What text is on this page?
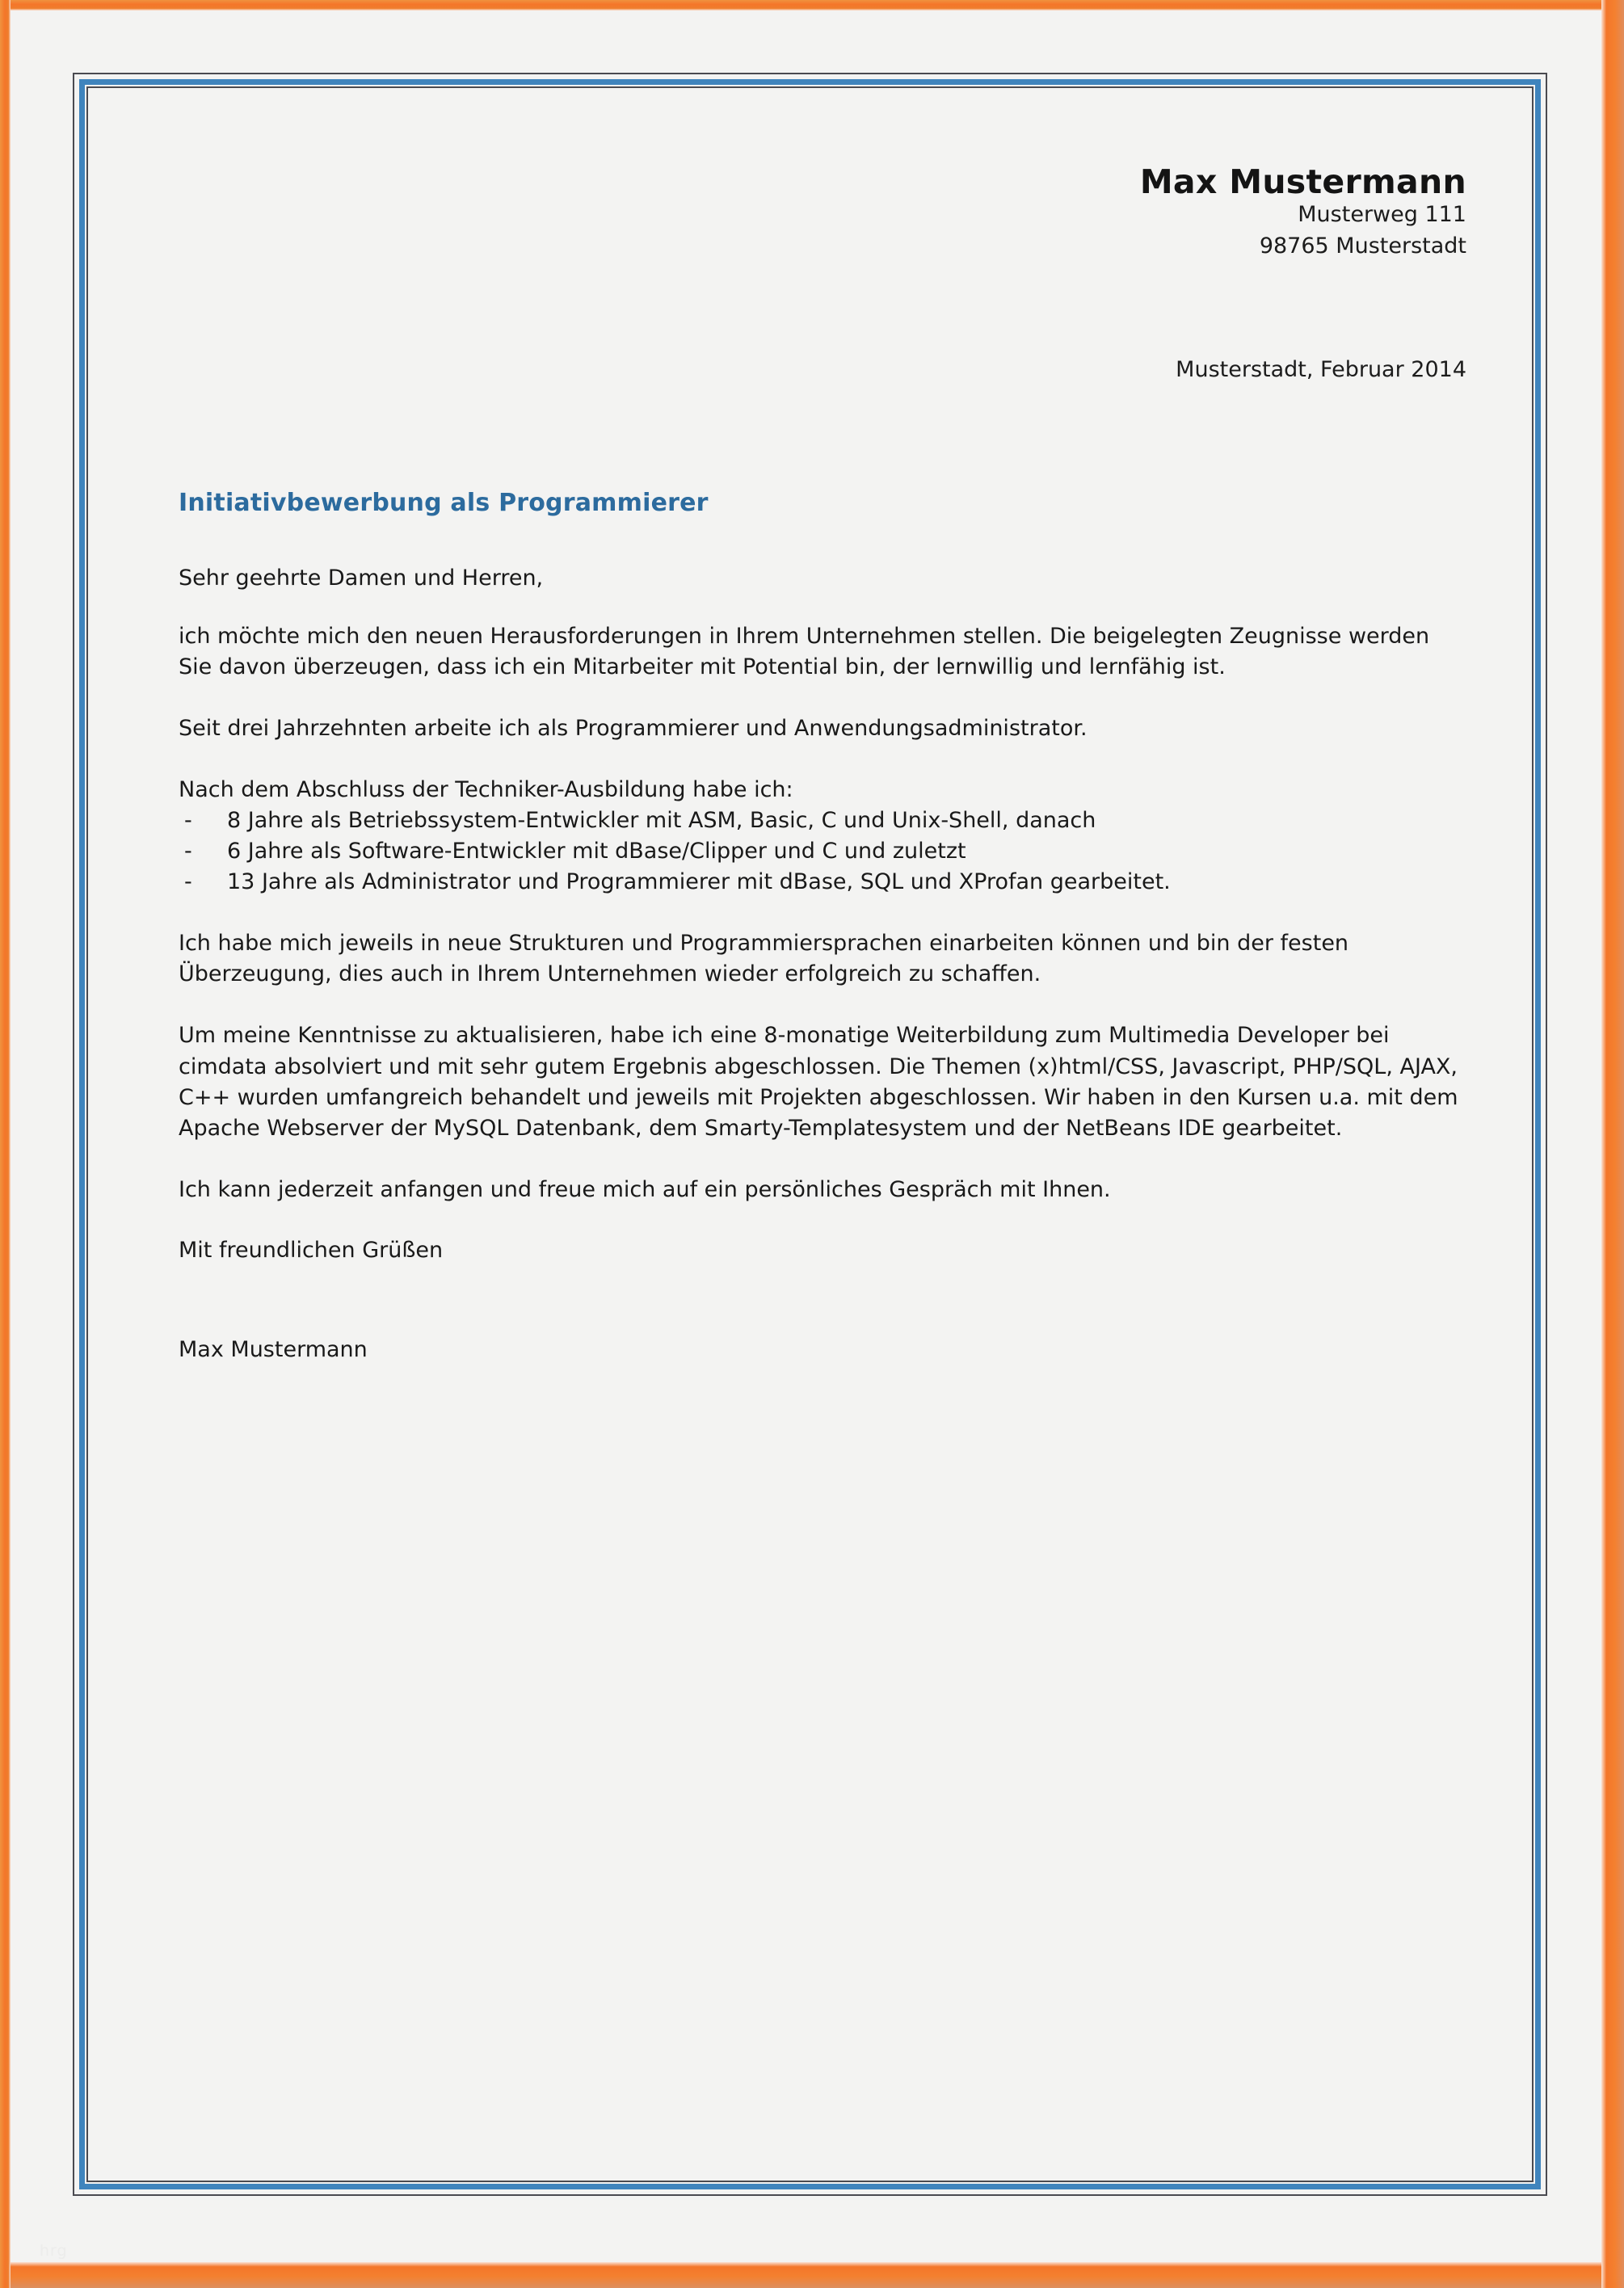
Max Mustermann
Musterweg 111
98765 Musterstadt
Musterstadt, Februar 2014
Initiativbewerbung als Programmierer
Sehr geehrte Damen und Herren,

ich möchte mich den neuen Herausforderungen in Ihrem Unternehmen stellen. Die beigelegten Zeugnisse werden Sie davon überzeugen, dass ich ein Mitarbeiter mit Potential bin, der lernwillig und lernfähig ist.

Seit drei Jahrzehnten arbeite ich als Programmierer und Anwendungsadministrator.

Nach dem Abschluss der Techniker-Ausbildung habe ich:

- 8 Jahre als Betriebssystem-Entwickler mit ASM, Basic, C und Unix-Shell, danach
- 6 Jahre als Software-Entwickler mit dBase/Clipper und C und zuletzt
- 13 Jahre als Administrator und Programmierer mit dBase, SQL und XProfan gearbeitet.

Ich habe mich jeweils in neue Strukturen und Programmiersprachen einarbeiten können und bin der festen Überzeugung, dies auch in Ihrem Unternehmen wieder erfolgreich zu schaffen.

Um meine Kenntnisse zu aktualisieren, habe ich eine 8-monatige Weiterbildung zum Multimedia Developer bei cimdata absolviert und mit sehr gutem Ergebnis abgeschlossen. Die Themen (x)html/CSS, Javascript, PHP/SQL, AJAX, C++ wurden umfangreich behandelt und jeweils mit Projekten abgeschlossen. Wir haben in den Kursen u.a. mit dem Apache Webserver der MySQL Datenbank, dem Smarty-Templatesystem und der NetBeans IDE gearbeitet.

Ich kann jederzeit anfangen und freue mich auf ein persönliches Gespräch mit Ihnen.

Mit freundlichen Grüßen
Max Mustermann
hrg
